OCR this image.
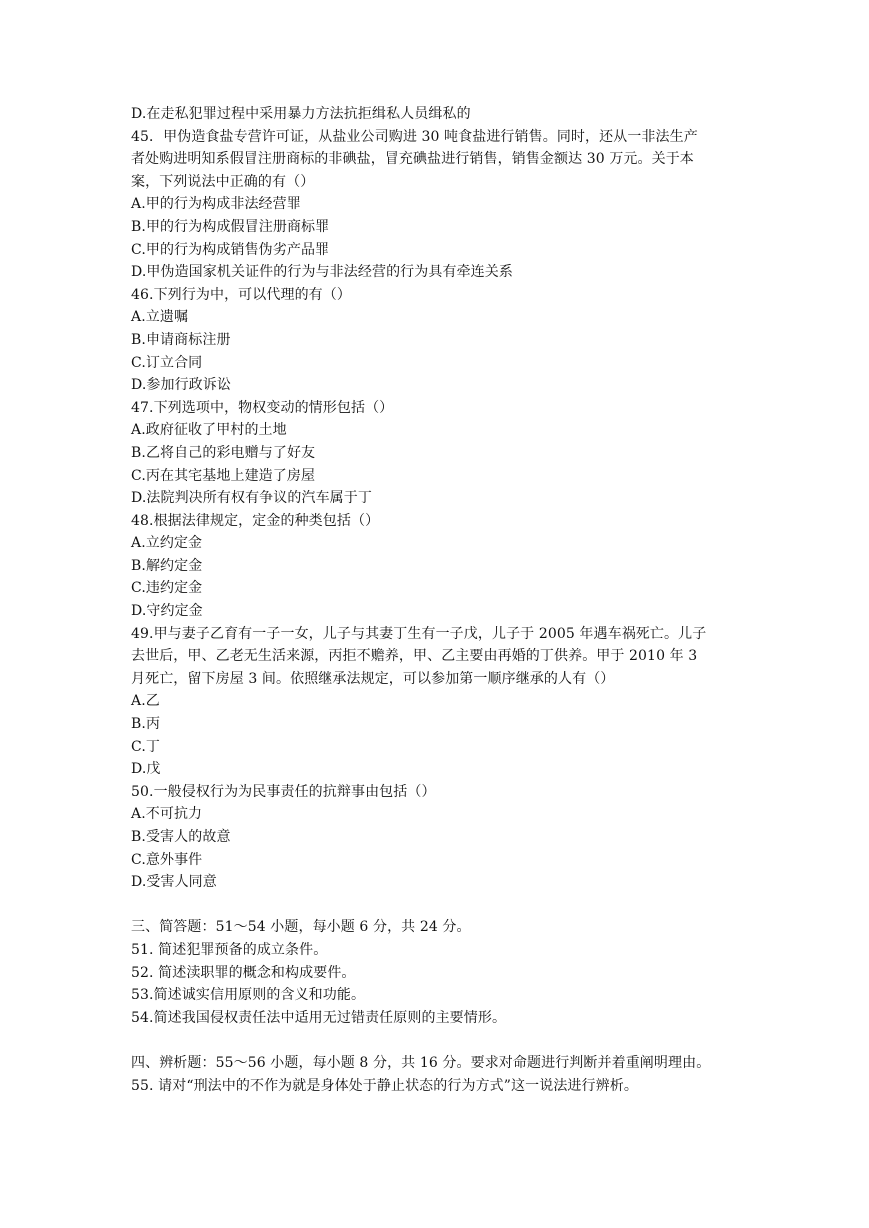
D.在走私犯罪过程中采用暴力方法抗拒缉私人员缉私的
45．甲伪造食盐专营许可证，从盐业公司购进 30 吨食盐进行销售。同时，还从一非法生产
者处购进明知系假冒注册商标的非碘盐，冒充碘盐进行销售，销售金额达 30 万元。关于本
案，下列说法中正确的有（）
A.甲的行为构成非法经营罪
B.甲的行为构成假冒注册商标罪
C.甲的行为构成销售伪劣产品罪
D.甲伪造国家机关证件的行为与非法经营的行为具有牵连关系
46.下列行为中，可以代理的有（）
A.立遗嘱
B.申请商标注册
C.订立合同
D.参加行政诉讼
47.下列选项中，物权变动的情形包括（）
A.政府征收了甲村的土地
B.乙将自己的彩电赠与了好友
C.丙在其宅基地上建造了房屋
D.法院判决所有权有争议的汽车属于丁
48.根据法律规定，定金的种类包括（）
A.立约定金
B.解约定金
C.违约定金
D.守约定金
49.甲与妻子乙育有一子一女，儿子与其妻丁生有一子戊，儿子于 2005 年遇车祸死亡。儿子
去世后，甲、乙老无生活来源，丙拒不赡养，甲、乙主要由再婚的丁供养。甲于 2010 年 3
月死亡，留下房屋 3 间。依照继承法规定，可以参加第一顺序继承的人有（）
A.乙
B.丙
C.丁
D.戊
50.一般侵权行为为民事责任的抗辩事由包括（）
A.不可抗力
B.受害人的故意
C.意外事件
D.受害人同意
三、简答题：51～54 小题，每小题 6 分，共 24 分。
51. 简述犯罪预备的成立条件。
52. 简述渎职罪的概念和构成要件。
53.简述诚实信用原则的含义和功能。
54.简述我国侵权责任法中适用无过错责任原则的主要情形。
四、辨析题：55～56 小题，每小题 8 分，共 16 分。要求对命题进行判断并着重阐明理由。
55. 请对“刑法中的不作为就是身体处于静止状态的行为方式”这一说法进行辨析。
